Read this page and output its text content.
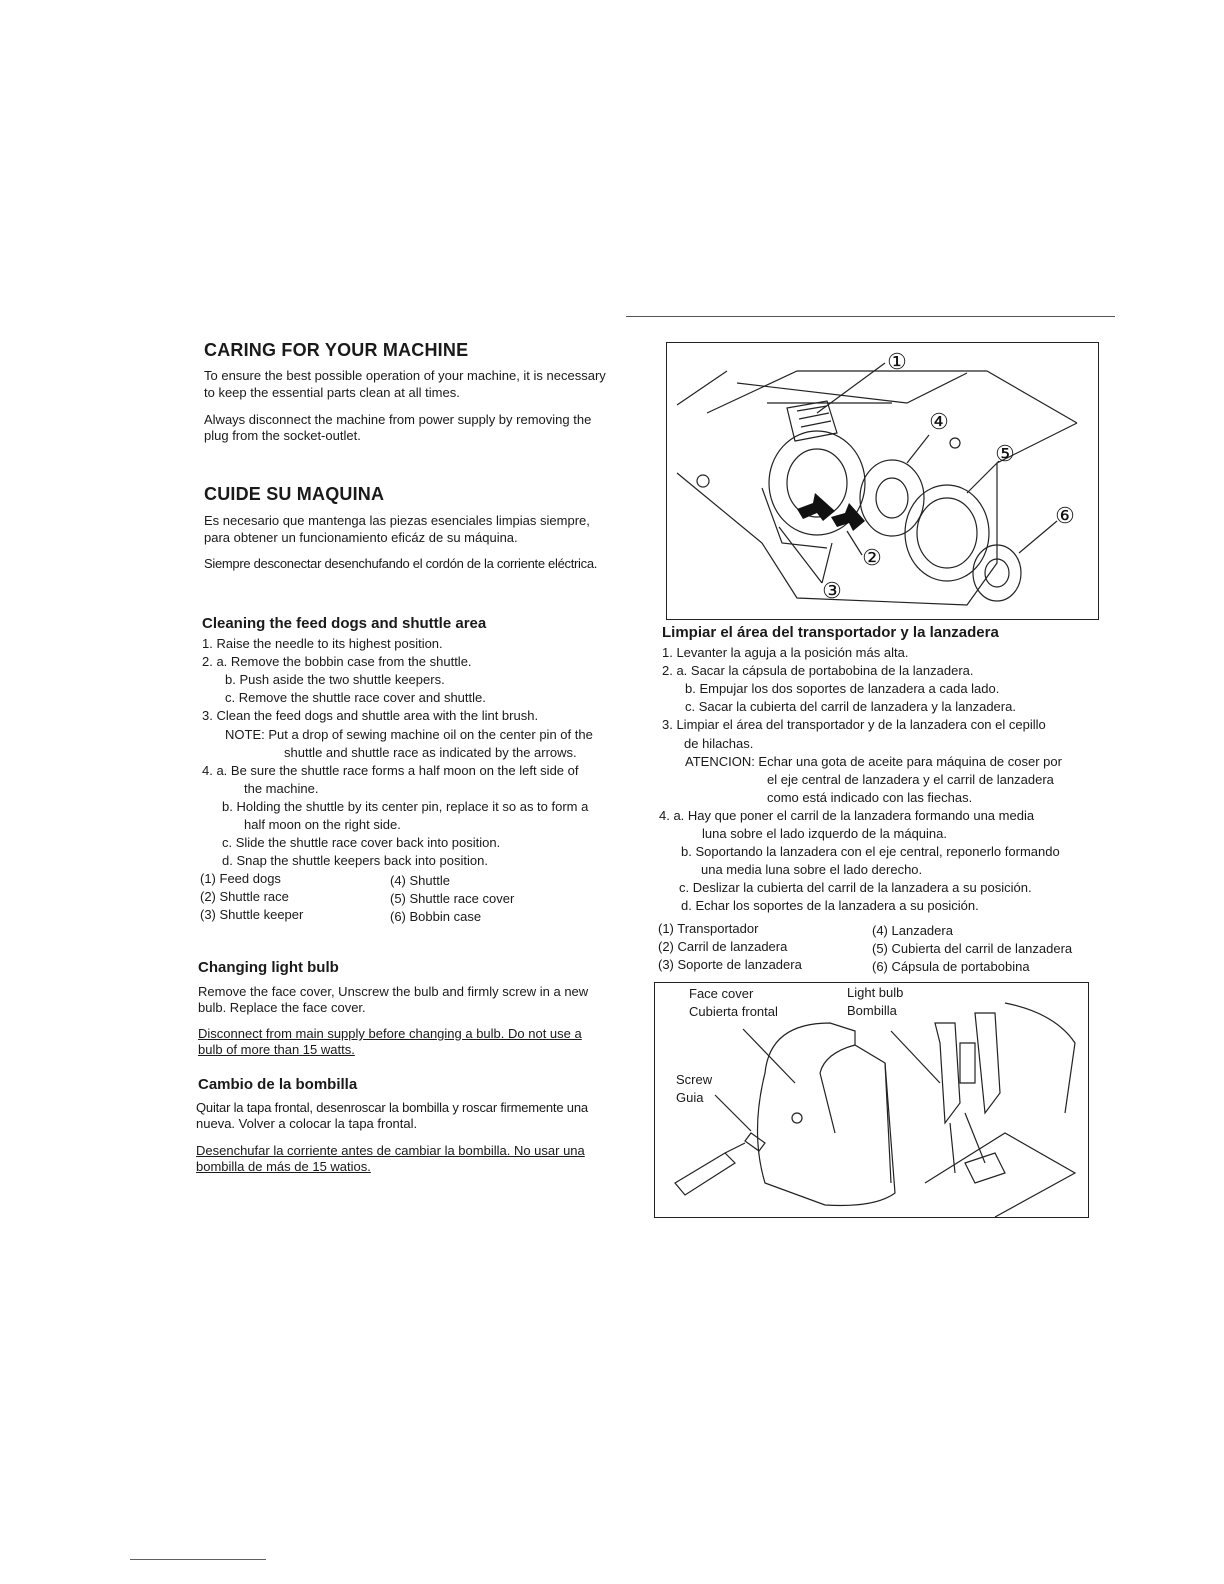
CARING FOR YOUR MACHINE
To ensure the best possible operation of your machine, it is necessary
to keep the essential parts clean at all times.
Always disconnect the machine from power supply by removing the
plug from the socket-outlet.
CUIDE SU MAQUINA
Es necesario que mantenga las piezas esenciales limpias siempre,
para obtener un funcionamiento eficáz de su máquina.
Siempre desconectar desenchufando el cordón de la corriente eléctrica.
Cleaning the feed dogs and shuttle area
1. Raise the needle to its highest position.
2. a. Remove the bobbin case from the shuttle.
b. Push aside the two shuttle keepers.
c. Remove the shuttle race cover and shuttle.
3. Clean the feed dogs and shuttle area with the lint brush.
NOTE: Put a drop of sewing machine oil on the center pin of the
shuttle and shuttle race as indicated by the arrows.
4. a. Be sure the shuttle race forms a half moon on the left side of
the machine.
b. Holding the shuttle by its center pin, replace it so as to form a
half moon on the right side.
c. Slide the shuttle race cover back into position.
d. Snap the shuttle keepers back into position.
(1) Feed dogs
(2) Shuttle race
(3) Shuttle keeper
(4) Shuttle
(5) Shuttle race cover
(6) Bobbin case
Changing light bulb
Remove the face cover, Unscrew the bulb and firmly screw in a new
bulb. Replace the face cover.
Disconnect from main supply before changing a bulb. Do not use a
bulb of more than 15 watts.
Cambio de la bombilla
Quitar la tapa frontal, desenroscar la bombilla y roscar firmemente una
nueva. Volver a colocar la tapa frontal.
Desenchufar la corriente antes de cambiar la bombilla. No usar una
bombilla de más de 15 watios.
①
②
③
④
⑤
⑥
Limpiar el área del transportador y la lanzadera
1. Levanter la aguja a la posición más alta.
2. a. Sacar la cápsula de portabobina de la lanzadera.
b. Empujar los dos soportes de lanzadera a cada lado.
c. Sacar la cubierta del carril de lanzadera y la lanzadera.
3. Limpiar el área del transportador y de la lanzadera con el cepillo
de hilachas.
ATENCION: Echar una gota de aceite para máquina de coser por
el eje central de lanzadera y el carril de lanzadera
como está indicado con las fiechas.
4. a. Hay que poner el carril de la lanzadera formando una media
luna sobre el lado izquerdo de la máquina.
b. Soportando la lanzadera con el eje central, reponerlo formando
una media luna sobre el lado derecho.
c. Deslizar la cubierta del carril de la lanzadera a su posición.
d. Echar los soportes de la lanzadera a su posición.
(1) Transportador
(2) Carril de lanzadera
(3) Soporte de lanzadera
(4) Lanzadera
(5) Cubierta del carril de lanzadera
(6) Cápsula de portabobina
Face cover
Cubierta frontal
Light bulb
Bombilla
Screw
Guia
